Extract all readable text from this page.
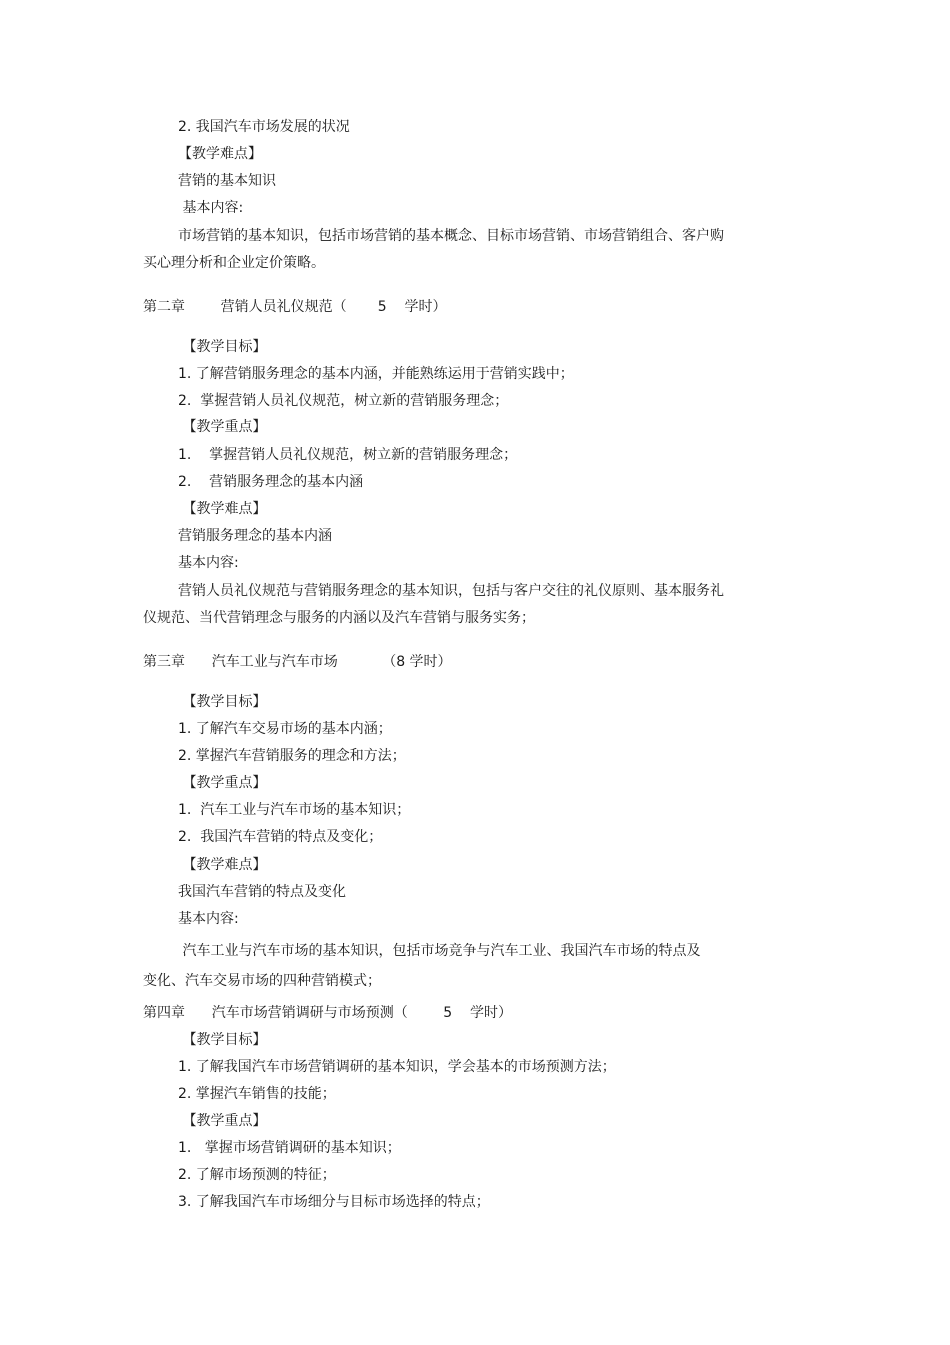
2. 我国汽车市场发展的状况
【教学难点】
营销的基本知识
基本内容:
市场营销的基本知识，包括市场营销的基本概念、目标市场营销、市场营销组合、客户购
买心理分析和企业定价策略。
第二章        营销人员礼仪规范（       5    学时）
【教学目标】
1. 了解营销服务理念的基本内涵，并能熟练运用于营销实践中；
2.  掌握营销人员礼仪规范，树立新的营销服务理念；
【教学重点】
1.    掌握营销人员礼仪规范，树立新的营销服务理念；
2.    营销服务理念的基本内涵
【教学难点】
营销服务理念的基本内涵
基本内容:
营销人员礼仪规范与营销服务理念的基本知识，包括与客户交往的礼仪原则、基本服务礼
仪规范、当代营销理念与服务的内涵以及汽车营销与服务实务；
第三章      汽车工业与汽车市场          （8 学时）
【教学目标】
1. 了解汽车交易市场的基本内涵；
2. 掌握汽车营销服务的理念和方法；
【教学重点】
1.  汽车工业与汽车市场的基本知识；
2.  我国汽车营销的特点及变化；
【教学难点】
我国汽车营销的特点及变化
基本内容:
汽车工业与汽车市场的基本知识，包括市场竞争与汽车工业、我国汽车市场的特点及
变化、汽车交易市场的四种营销模式；
第四章      汽车市场营销调研与市场预测（        5    学时）
【教学目标】
1. 了解我国汽车市场营销调研的基本知识，学会基本的市场预测方法；
2. 掌握汽车销售的技能；
【教学重点】
1.   掌握市场营销调研的基本知识；
2. 了解市场预测的特征；
3. 了解我国汽车市场细分与目标市场选择的特点；
